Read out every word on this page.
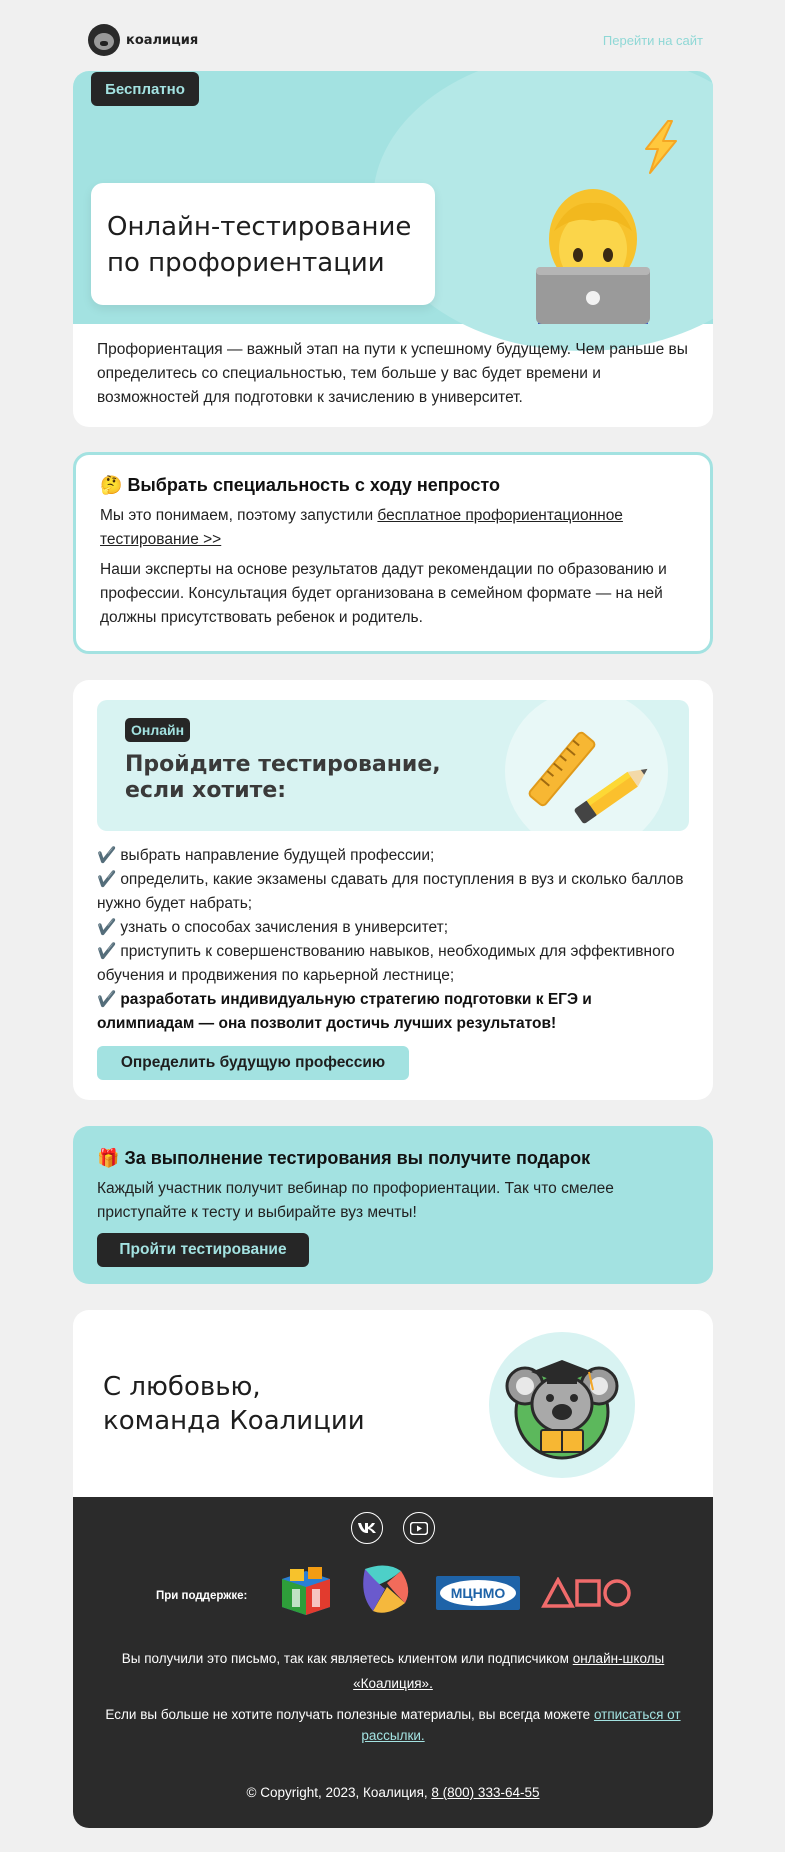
коалиция	Перейти на сайт
Бесплатно
Онлайн-тестирование
по профориентации

Профориентация — важный этап на пути к успешному будущему. Чем раньше вы определитесь со специальностью, тем больше у вас будет времени и возможностей для подготовки к зачислению в университет.

🤔 Выбрать специальность с ходу непросто

Мы это понимаем, поэтому запустили бесплатное профориентационное тестирование >>

Наши эксперты на основе результатов дадут рекомендации по образованию и профессии. Консультация будет организована в семейном формате — на ней должны присутствовать ребенок и родитель.

Онлайн
Пройдите тестирование,
если хотите:
✔️ выбрать направление будущей профессии;
✔️ определить, какие экзамены сдавать для поступления в вуз и сколько баллов нужно будет набрать;
✔️ узнать о способах зачисления в университет;
✔️ приступить к совершенствованию навыков, необходимых для эффективного обучения и продвижения по карьерной лестнице;
✔️ разработать индивидуальную стратегию подготовки к ЕГЭ и олимпиадам — она позволит достичь лучших результатов!
Определить будущую профессию
🎁 За выполнение тестирования вы получите подарок

Каждый участник получит вебинар по профориентации. Так что смелее приступайте к тесту и выбирайте вуз мечты!

Пройти тестирование
С любовью,
команда Коалиции
При поддержке:	МЦНМО

Вы получили это письмо, так как являетесь клиентом или подписчиком онлайн-школы «Коалиция».

Если вы больше не хотите получать полезные материалы, вы всегда можете отписаться от рассылки.

© Copyright, 2023, Коалиция, 8 (800) 333-64-55
